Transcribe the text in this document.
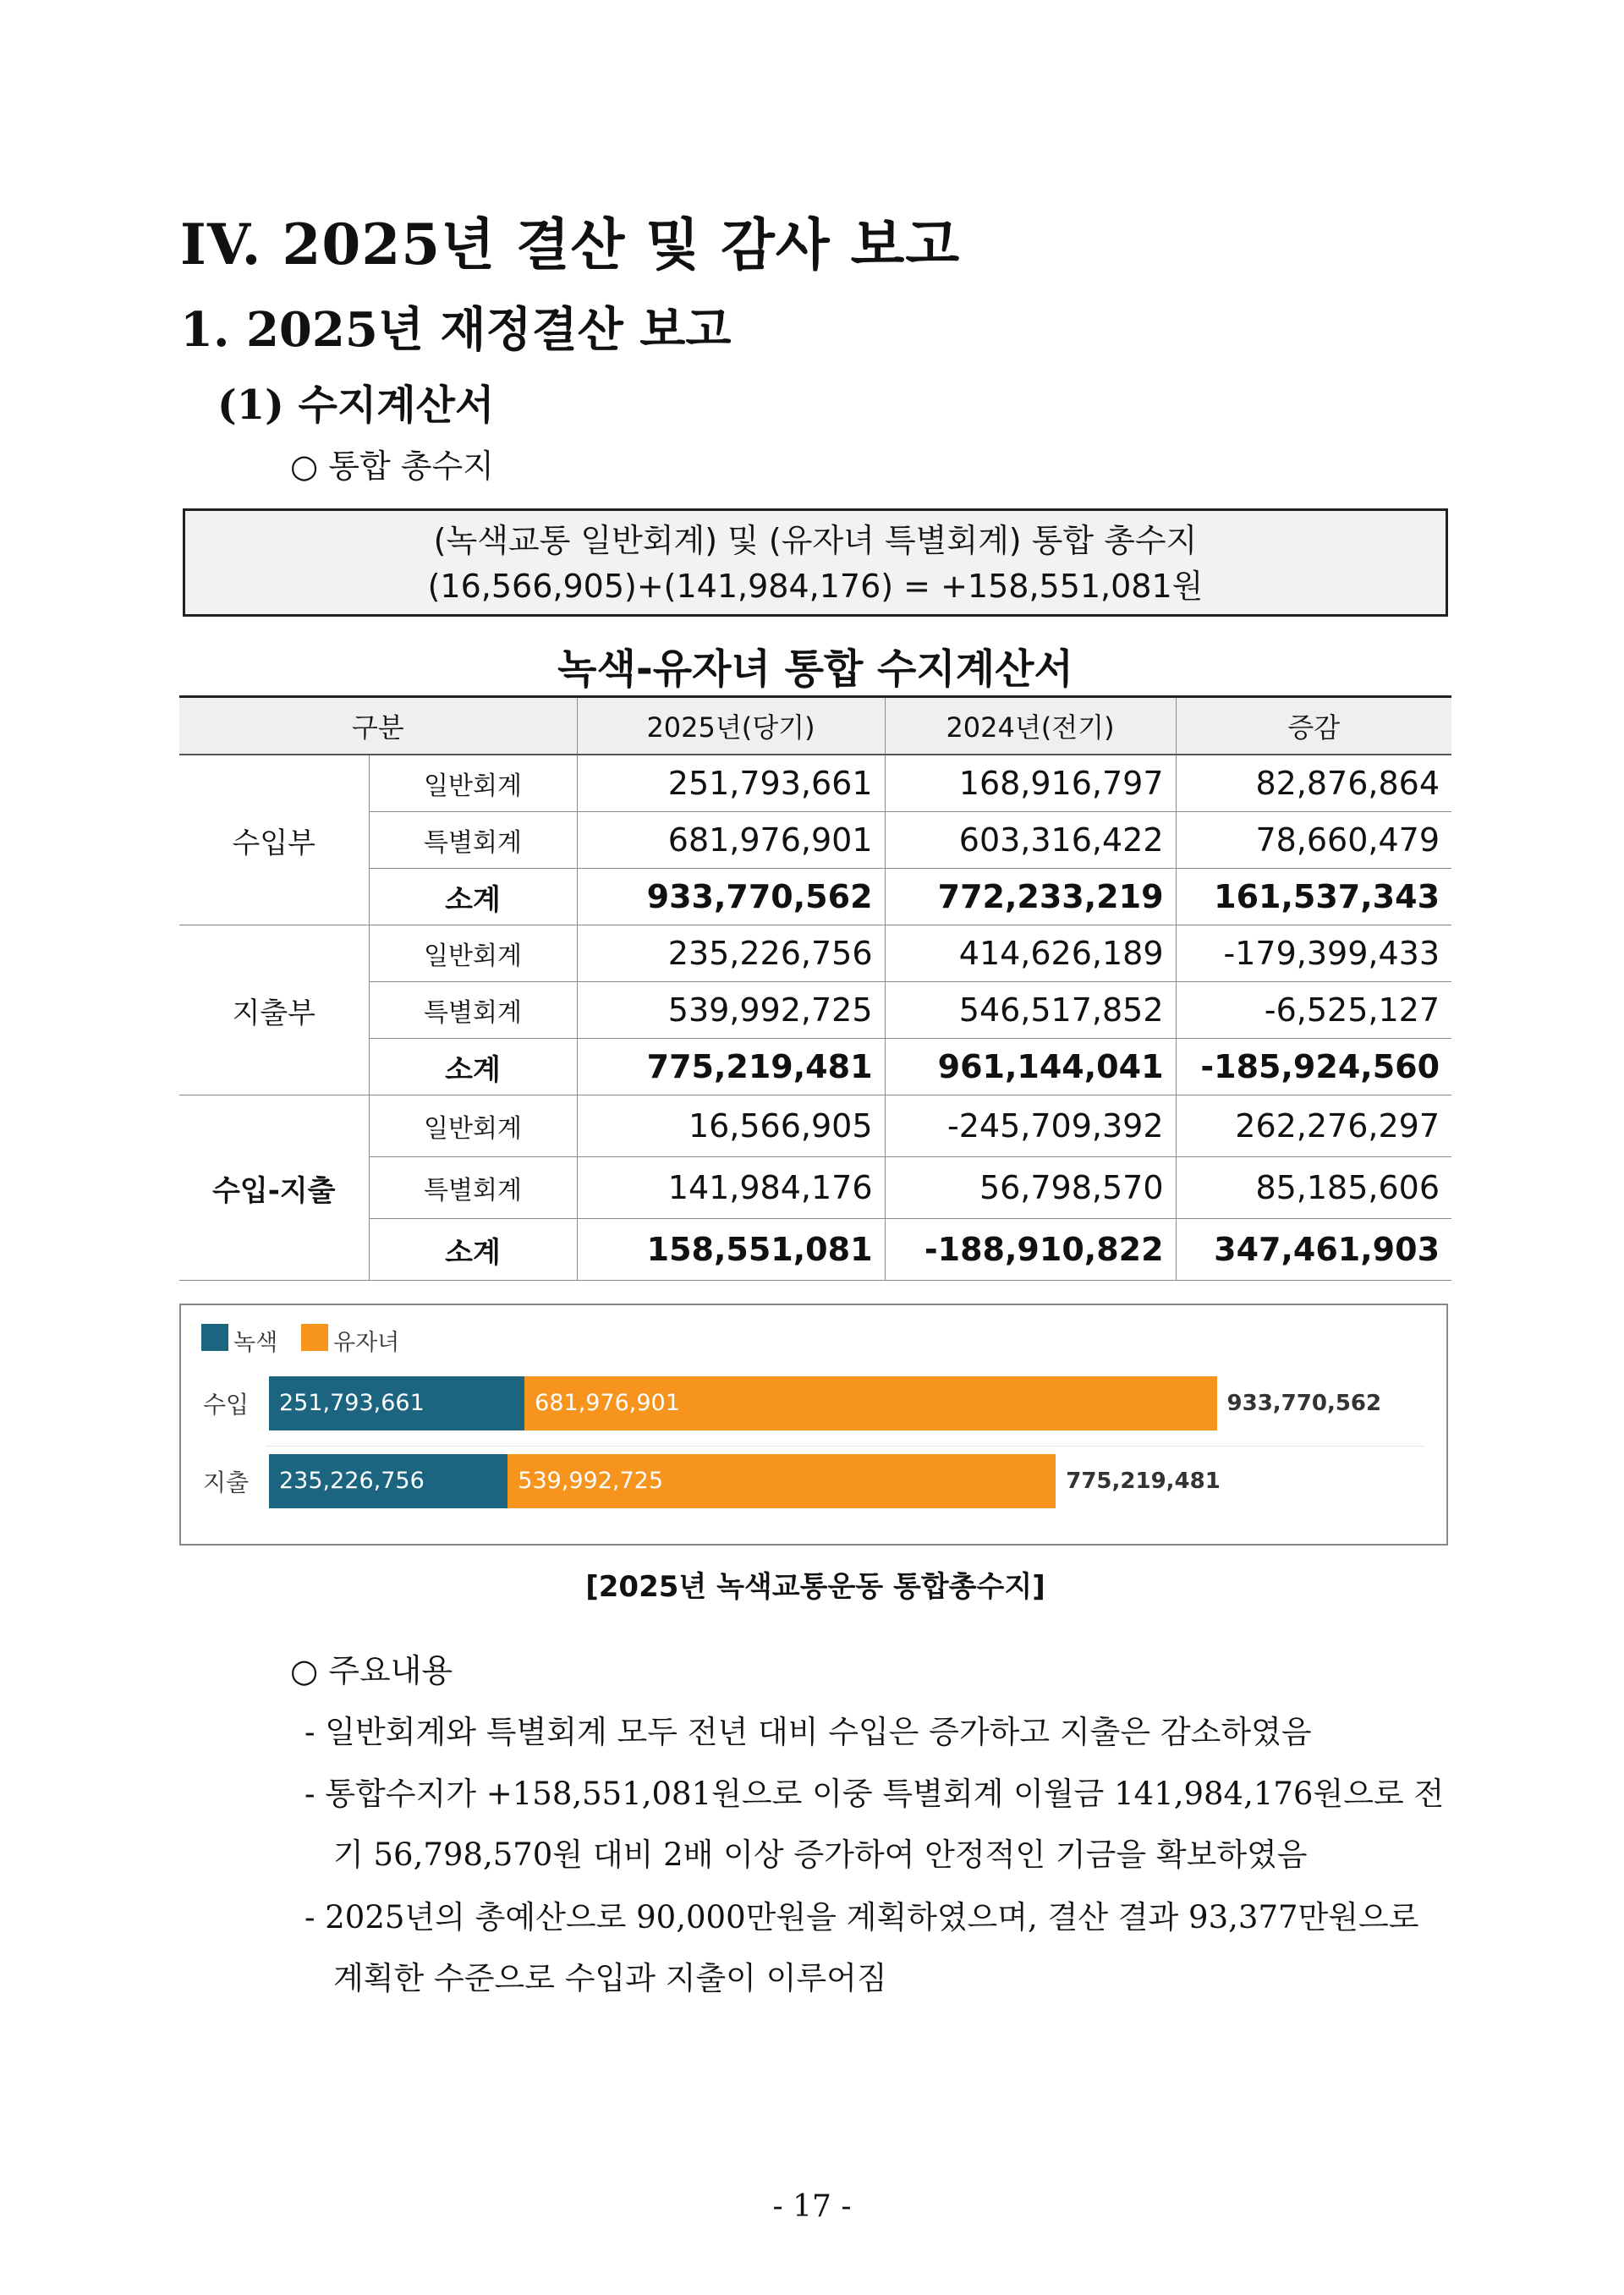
IV. 2025년 결산 및 감사 보고
1. 2025년 재정결산 보고
(1) 수지계산서
○ 통합 총수지
(녹색교통 일반회계) 및 (유자녀 특별회계) 통합 총수지
(16,566,905)+(141,984,176) = +158,551,081원
녹색-유자녀 통합 수지계산서
구분		2025년(당기)	2024년(전기)	증감
수입부	일반회계	251,793,661	168,916,797	82,876,864
	특별회계	681,976,901	603,316,422	78,660,479
	소계	933,770,562	772,233,219	161,537,343
지출부	일반회계	235,226,756	414,626,189	-179,399,433
	특별회계	539,992,725	546,517,852	-6,525,127
	소계	775,219,481	961,144,041	-185,924,560
수입-지출	일반회계	16,566,905	-245,709,392	262,276,297
	특별회계	141,984,176	56,798,570	85,185,606
	소계	158,551,081	-188,910,822	347,461,903
녹색 유자녀
수입
지출
251,793,661	681,976,901	933,770,562
235,226,756	539,992,725	775,219,481
[2025년 녹색교통운동 통합총수지]
○ 주요내용
- 일반회계와 특별회계 모두 전년 대비 수입은 증가하고 지출은 감소하였음
- 통합수지가 +158,551,081원으로 이중 특별회계 이월금 141,984,176원으로 전
기 56,798,570원 대비 2배 이상 증가하여 안정적인 기금을 확보하였음
- 2025년의 총예산으로 90,000만원을 계획하였으며, 결산 결과 93,377만원으로
계획한 수준으로 수입과 지출이 이루어짐
- 17 -
